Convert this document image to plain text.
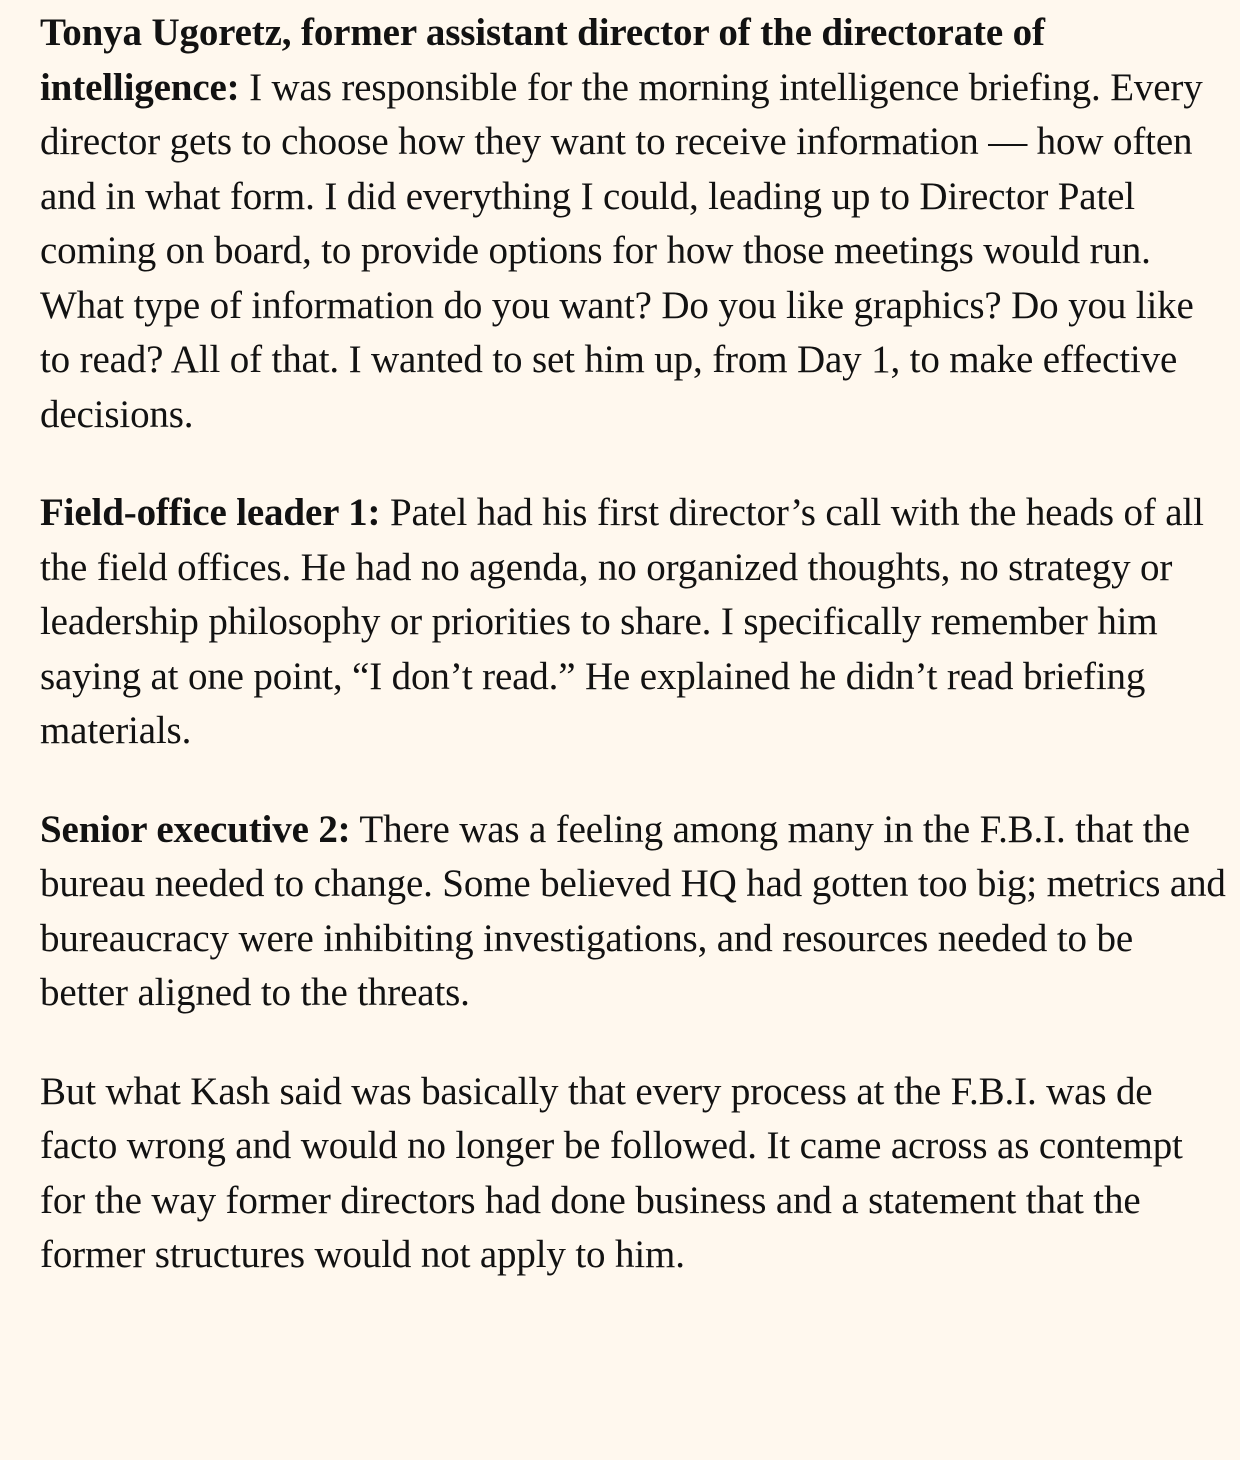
Tonya Ugoretz, former assistant director of the directorate of intelligence: I was responsible for the morning intelligence briefing. Every director gets to choose how they want to receive information — how often and in what form. I did everything I could, leading up to Director Patel coming on board, to provide options for how those meetings would run. What type of information do you want? Do you like graphics? Do you like to read? All of that. I wanted to set him up, from Day 1, to make effective decisions.

Field-office leader 1: Patel had his first director’s call with the heads of all the field offices. He had no agenda, no organized thoughts, no strategy or leadership philosophy or priorities to share. I specifically remember him saying at one point, “I don’t read.” He explained he didn’t read briefing materials.

Senior executive 2: There was a feeling among many in the F.B.I. that the bureau needed to change. Some believed HQ had gotten too big; metrics and bureaucracy were inhibiting investigations, and resources needed to be better aligned to the threats.

But what Kash said was basically that every process at the F.B.I. was de facto wrong and would no longer be followed. It came across as contempt for the way former directors had done business and a statement that the former structures would not apply to him.
